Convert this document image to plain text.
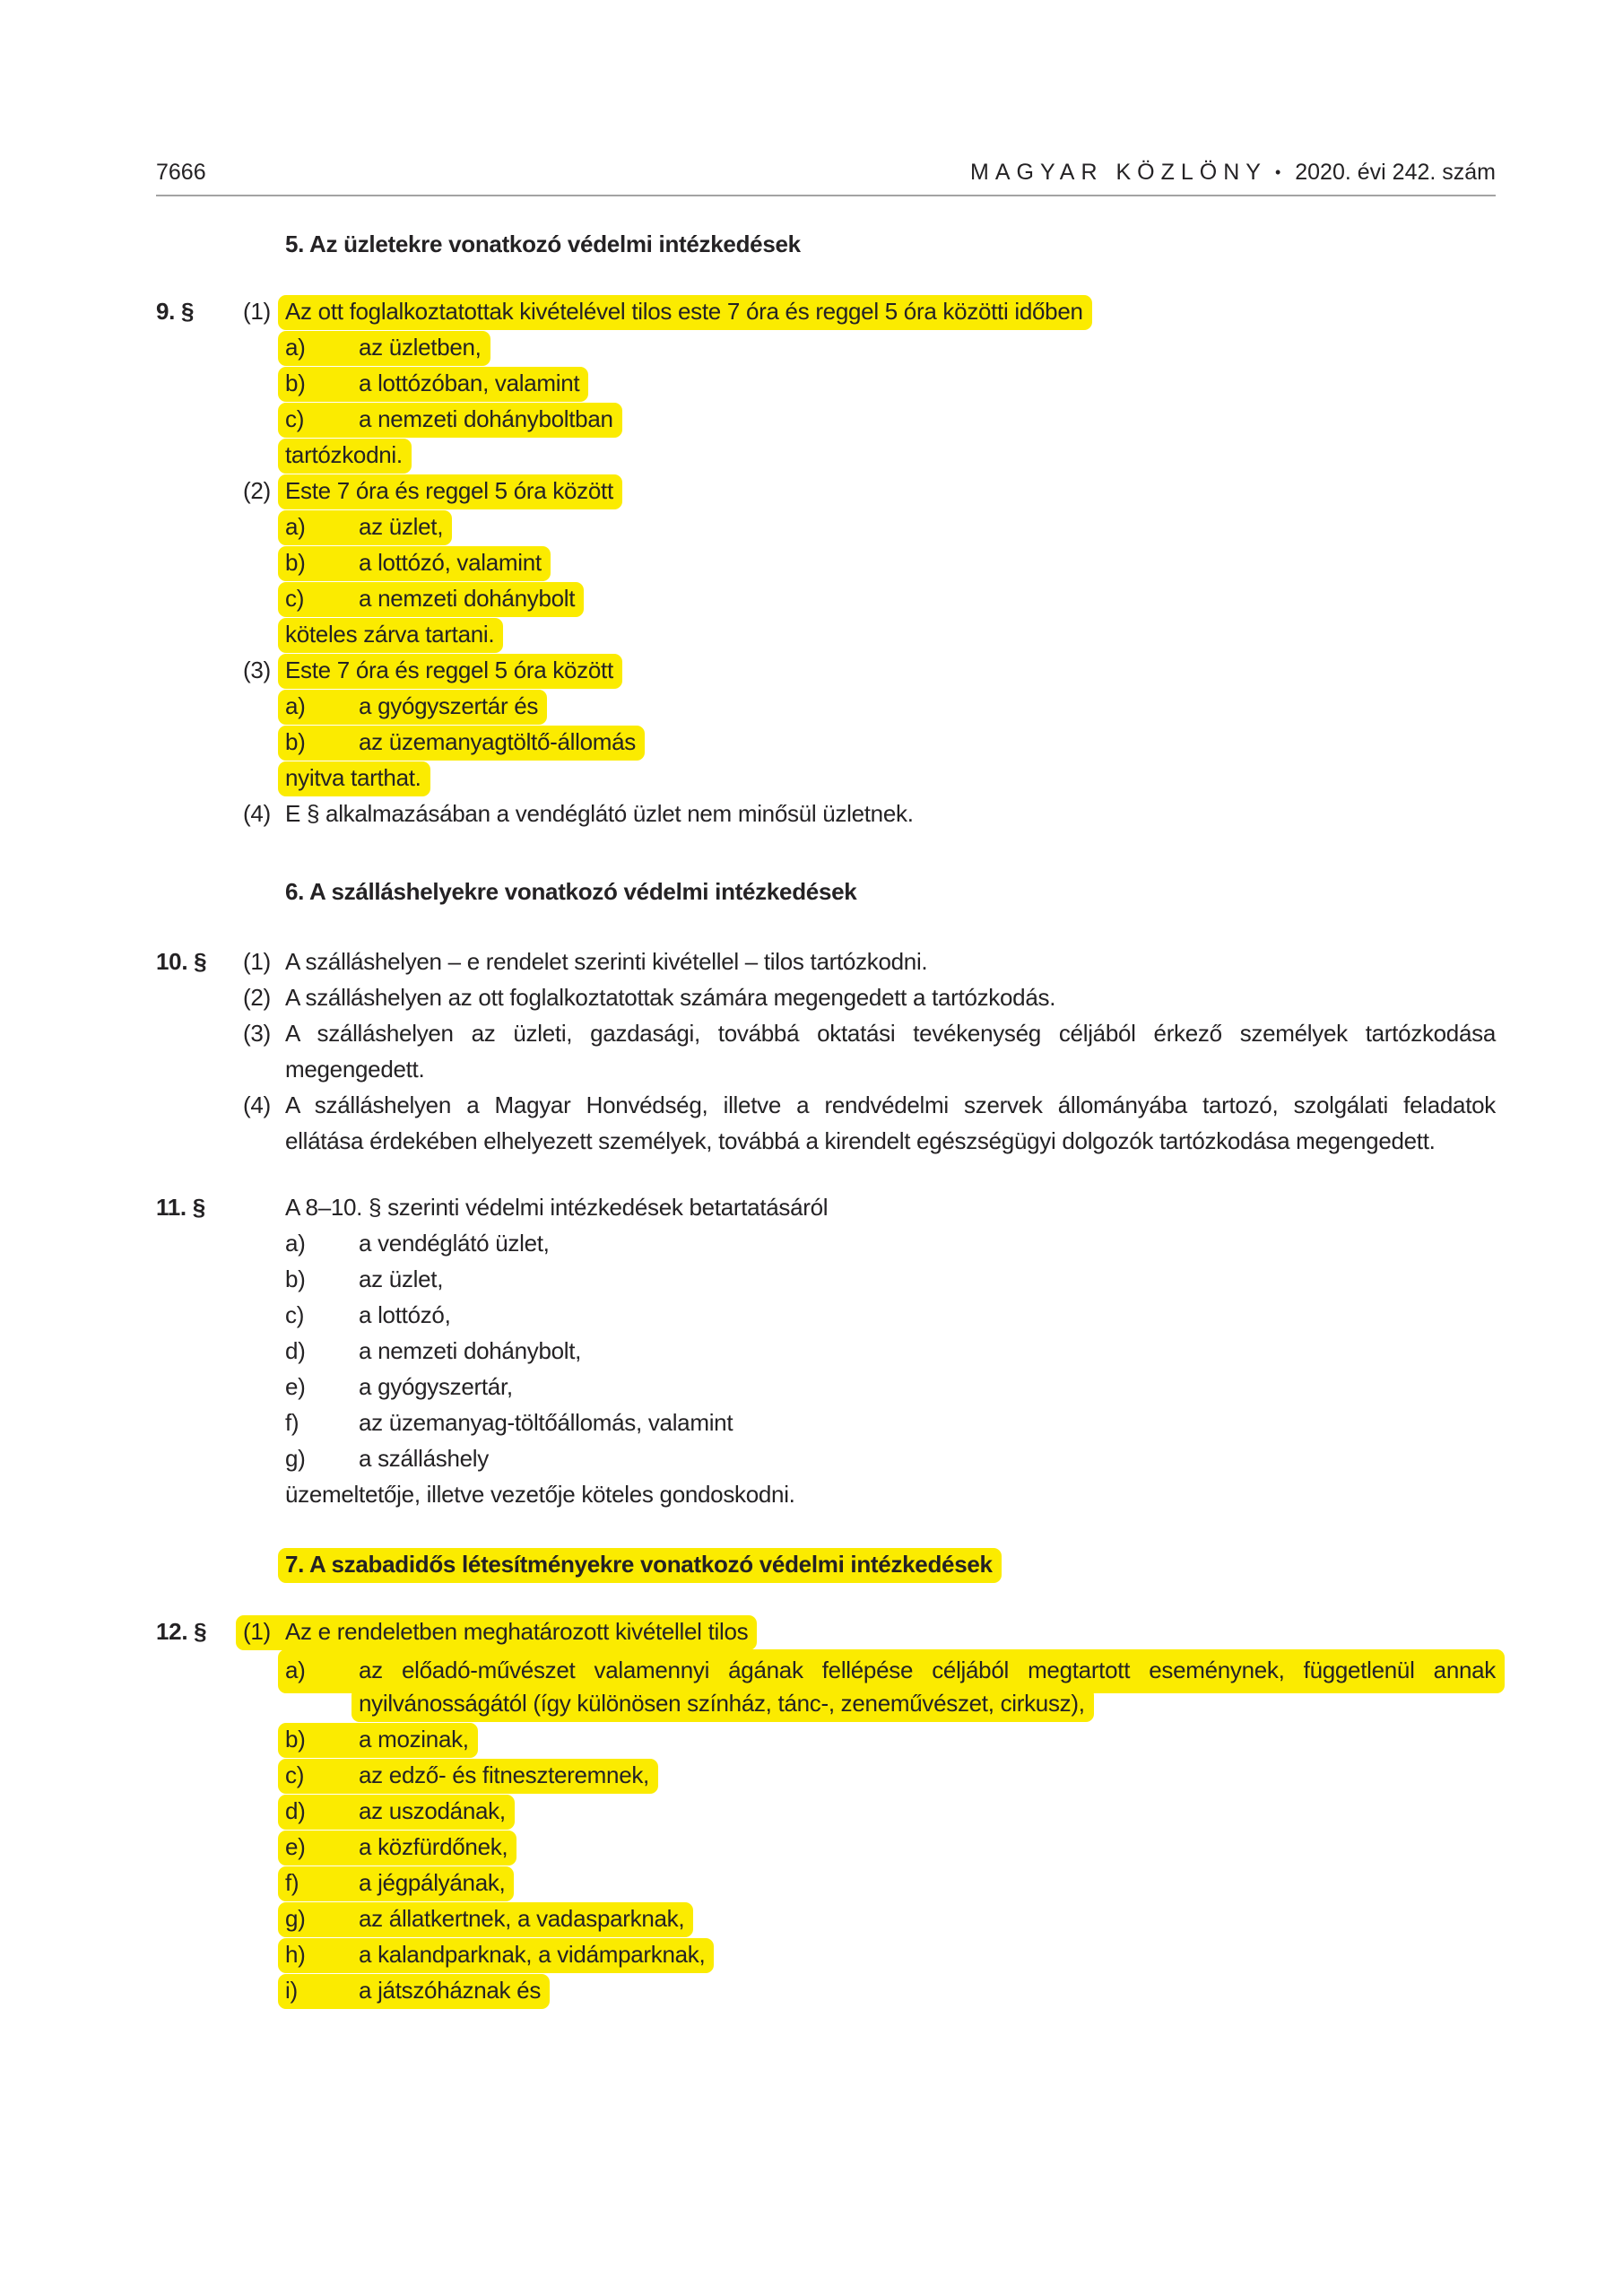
7666	MAGYAR KÖZLÖNY • 2020. évi 242. szám
5. Az üzletekre vonatkozó védelmi intézkedések
9. §	(1) Az ott foglalkoztatottak kivételével tilos este 7 óra és reggel 5 óra közötti időben
a) az üzletben,
b) a lottózóban, valamint
c) a nemzeti dohányboltban
tartózkodni.
(2) Este 7 óra és reggel 5 óra között
a) az üzlet,
b) a lottózó, valamint
c) a nemzeti dohánybolt
köteles zárva tartani.
(3) Este 7 óra és reggel 5 óra között
a) a gyógyszertár és
b) az üzemanyagtöltő-állomás
nyitva tarthat.
(4) E § alkalmazásában a vendéglátó üzlet nem minősül üzletnek.
6. A szálláshelyekre vonatkozó védelmi intézkedések
10. §	(1) A szálláshelyen – e rendelet szerinti kivétellel – tilos tartózkodni.
(2) A szálláshelyen az ott foglalkoztatottak számára megengedett a tartózkodás.
(3) A szálláshelyen az üzleti, gazdasági, továbbá oktatási tevékenység céljából érkező személyek tartózkodása
megengedett.
(4) A szálláshelyen a Magyar Honvédség, illetve a rendvédelmi szervek állományába tartozó, szolgálati feladatok
ellátása érdekében elhelyezett személyek, továbbá a kirendelt egészségügyi dolgozók tartózkodása megengedett.
11. §	A 8–10. § szerinti védelmi intézkedések betartatásáról
a) a vendéglátó üzlet,
b) az üzlet,
c) a lottózó,
d) a nemzeti dohánybolt,
e) a gyógyszertár,
f)	az üzemanyag-töltőállomás, valamint
g) a szálláshely
üzemeltetője, illetve vezetője köteles gondoskodni.
7. A szabadidős létesítményekre vonatkozó védelmi intézkedések
12. §	(1) Az e rendeletben meghatározott kivétellel tilos
a)	az előadó-művészet valamennyi ágának fellépése céljából megtartott eseménynek, függetlenül annak
nyilvánosságától (így különösen színház, tánc-, zeneművészet, cirkusz),
b) a mozinak,
c) az edző- és fitneszteremnek,
d) az uszodának,
e) a közfürdőnek,
f)	a jégpályának,
g) az állatkertnek, a vadasparknak,
h) a kalandparknak, a vidámparknak,
i)	a játszóháznak és
